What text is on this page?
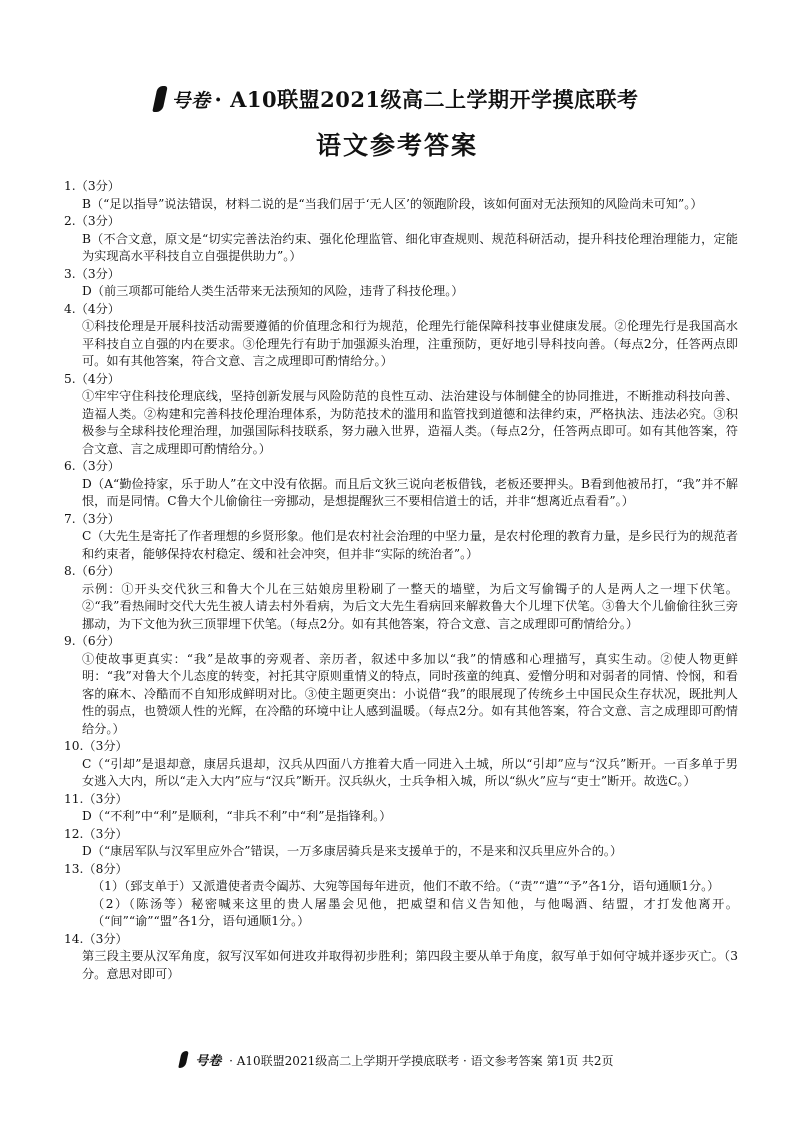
号卷 · A10联盟2021级高二上学期开学摸底联考
语文参考答案
1.（3分）
B（“足以指导”说法错误，材料二说的是“当我们居于‘无人区’的领跑阶段，该如何面对无法预知的风险尚未可知”。）
2.（3分）
B（不合文意，原文是“切实完善法治约束、强化伦理监管、细化审查规则、规范科研活动，提升科技伦理治理能力，定能为实现高水平科技自立自强提供助力”。）
3.（3分）
D（前三项都可能给人类生活带来无法预知的风险，违背了科技伦理。）
4.（4分）
①科技伦理是开展科技活动需要遵循的价值理念和行为规范，伦理先行能保障科技事业健康发展。②伦理先行是我国高水平科技自立自强的内在要求。③伦理先行有助于加强源头治理，注重预防，更好地引导科技向善。（每点2分，任答两点即可。如有其他答案，符合文意、言之成理即可酌情给分。）
5.（4分）
①牢牢守住科技伦理底线，坚持创新发展与风险防范的良性互动、法治建设与体制健全的协同推进，不断推动科技向善、造福人类。②构建和完善科技伦理治理体系，为防范技术的滥用和监管找到道德和法律约束，严格执法、违法必究。③积极参与全球科技伦理治理，加强国际科技联系，努力融入世界，造福人类。（每点2分，任答两点即可。如有其他答案，符合文意、言之成理即可酌情给分。）
6.（3分）
D（A“勤俭持家，乐于助人”在文中没有依据。而且后文狄三说向老板借钱，老板还要押头。B看到他被吊打，“我”并不解恨，而是同情。C鲁大个儿偷偷往一旁挪动，是想提醒狄三不要相信道士的话，并非“想离近点看看”。）
7.（3分）
C（大先生是寄托了作者理想的乡贤形象。他们是农村社会治理的中坚力量，是农村伦理的教育力量，是乡民行为的规范者和约束者，能够保持农村稳定、缓和社会冲突，但并非“实际的统治者”。）
8.（6分）
示例：①开头交代狄三和鲁大个儿在三姑娘房里粉刷了一整天的墙壁，为后文写偷镯子的人是两人之一埋下伏笔。②“我”看热闹时交代大先生被人请去村外看病，为后文大先生看病回来解救鲁大个儿埋下伏笔。③鲁大个儿偷偷往狄三旁挪动，为下文他为狄三顶罪埋下伏笔。（每点2分。如有其他答案，符合文意、言之成理即可酌情给分。）
9.（6分）
①使故事更真实：“我”是故事的旁观者、亲历者，叙述中多加以“我”的情感和心理描写，真实生动。②使人物更鲜明：“我”对鲁大个儿态度的转变，衬托其守原则重情义的特点，同时孩童的纯真、爱憎分明和对弱者的同情、怜悯，和看客的麻木、冷酷而不自知形成鲜明对比。③使主题更突出：小说借“我”的眼展现了传统乡土中国民众生存状况，既批判人性的弱点，也赞颂人性的光辉，在冷酷的环境中让人感到温暖。（每点2分。如有其他答案，符合文意、言之成理即可酌情给分。）
10.（3分）
C（“引却”是退却意，康居兵退却，汉兵从四面八方推着大盾一同进入土城，所以“引却”应与“汉兵”断开。一百多单于男女逃入大内，所以“走入大内”应与“汉兵”断开。汉兵纵火，士兵争相入城，所以“纵火”应与“吏士”断开。故选C。）
11.（3分）
D（“不利”中“利”是顺利，“非兵不利”中“利”是指锋利。）
12.（3分）
D（“康居军队与汉军里应外合”错误，一万多康居骑兵是来支援单于的，不是来和汉兵里应外合的。）
13.（8分）
（1）（郅支单于）又派遣使者责令阖苏、大宛等国每年进贡，他们不敢不给。（“责”“遣”“予”各1分，语句通顺1分。）
（2）（陈汤等）秘密喊来这里的贵人屠墨会见他，把威望和信义告知他，与他喝酒、结盟，才打发他离开。（“间”“谕”“盟”各1分，语句通顺1分。）
14.（3分）
第三段主要从汉军角度，叙写汉军如何进攻并取得初步胜利；第四段主要从单于角度，叙写单于如何守城并逐步灭亡。（3分。意思对即可）
号卷 · A10联盟2021级高二上学期开学摸底联考 · 语文参考答案 第1页 共2页
